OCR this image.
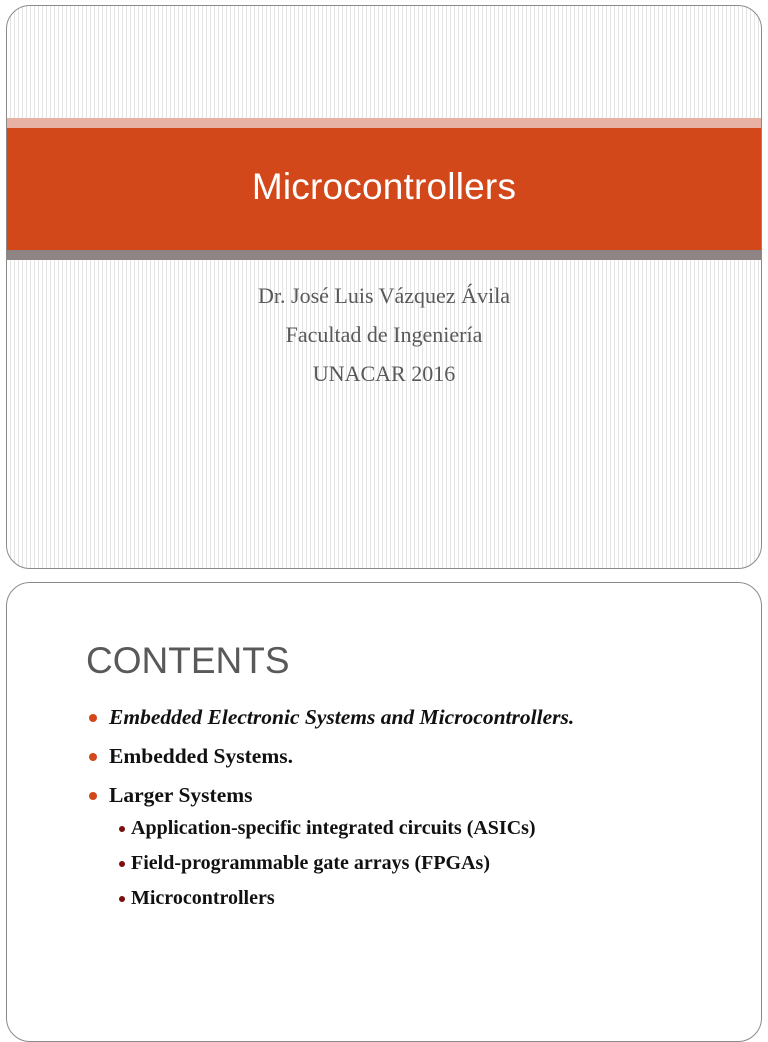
Microcontrollers
Dr. José Luis Vázquez Ávila
Facultad de Ingeniería
UNACAR 2016
CONTENTS
Embedded Electronic Systems and Microcontrollers.
Embedded Systems.
Larger Systems
Application-specific integrated circuits (ASICs)
Field-programmable gate arrays (FPGAs)
Microcontrollers
